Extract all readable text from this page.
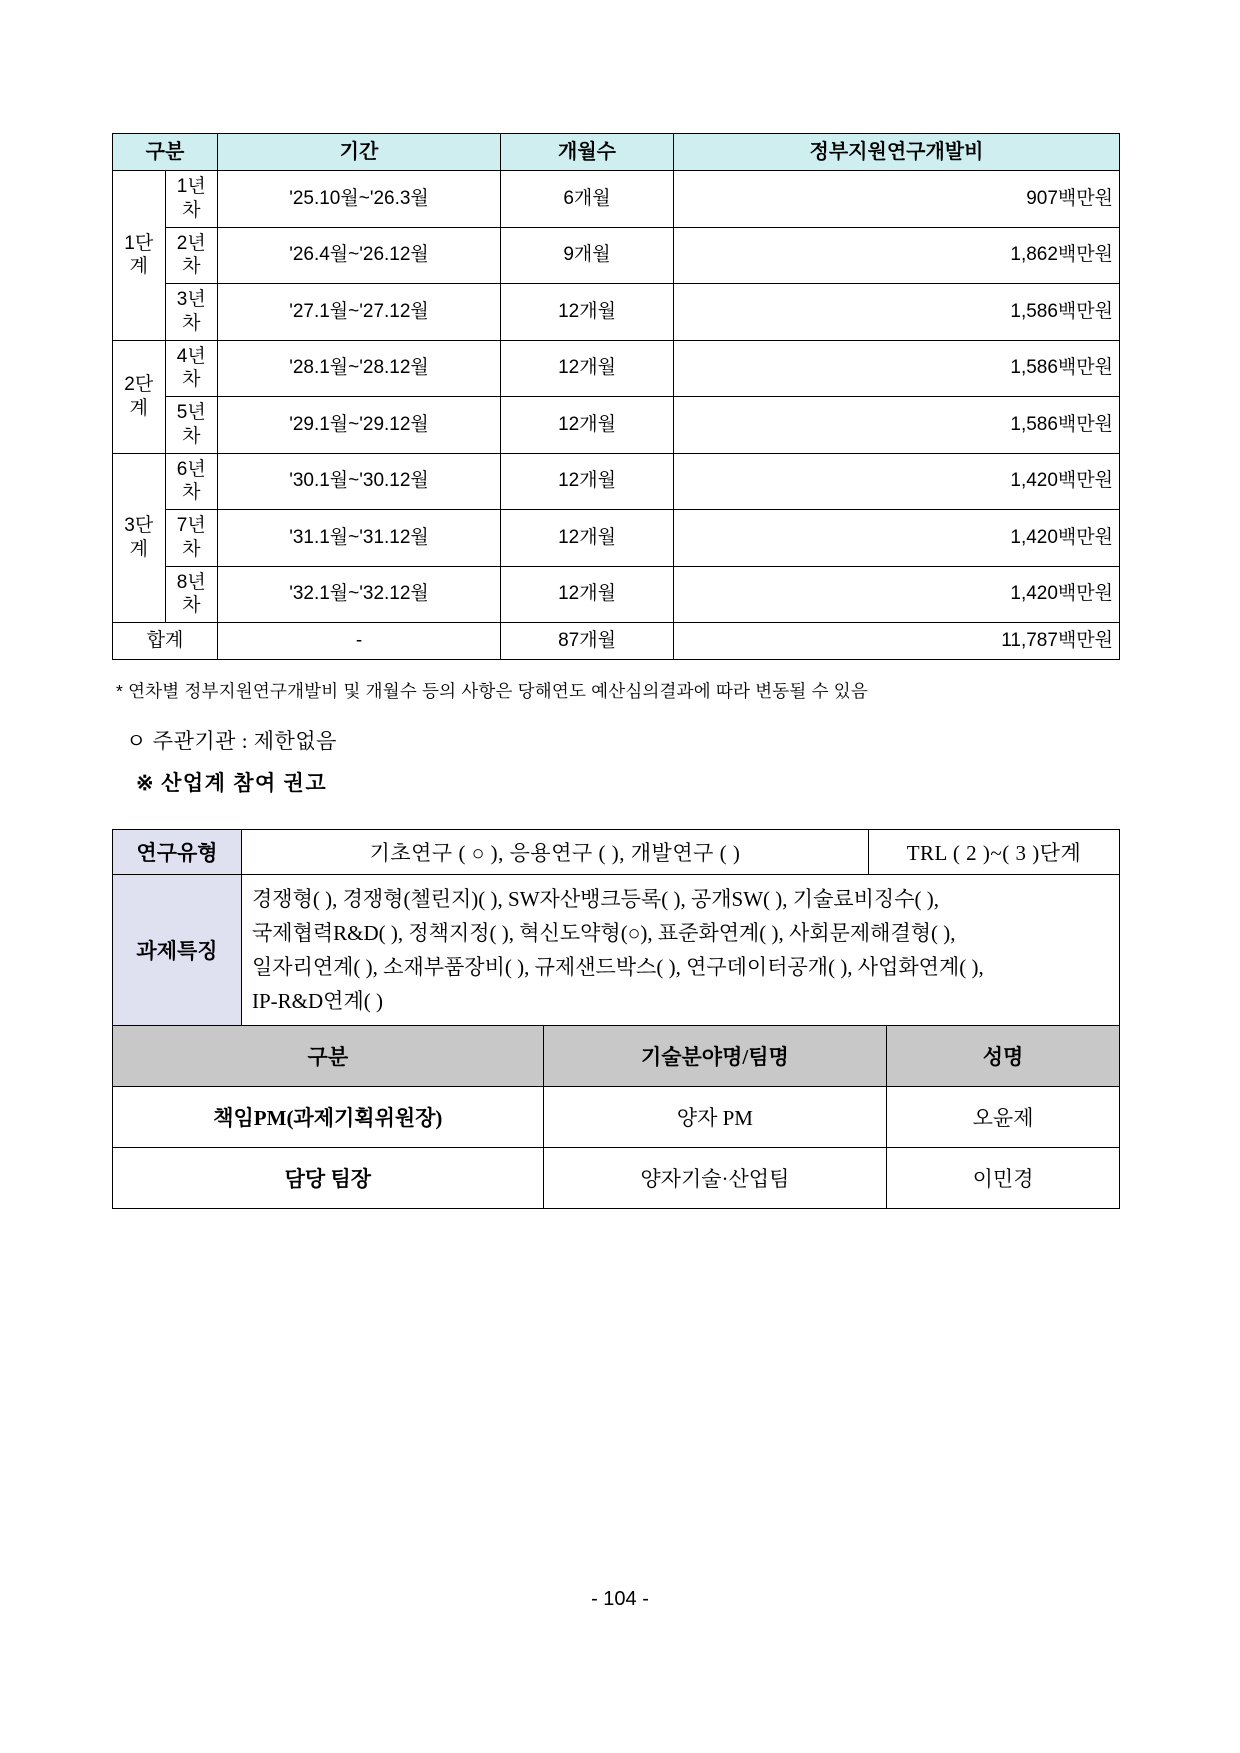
구분		기간	개월수	정부지원연구개발비
1단계	1년차	'25.10월~'26.3월	6개월	907백만원
	2년차	'26.4월~'26.12월	9개월	1,862백만원
	3년차	'27.1월~'27.12월	12개월	1,586백만원
2단계	4년차	'28.1월~'28.12월	12개월	1,586백만원
	5년차	'29.1월~'29.12월	12개월	1,586백만원
3단계	6년차	'30.1월~'30.12월	12개월	1,420백만원
	7년차	'31.1월~'31.12월	12개월	1,420백만원
	8년차	'32.1월~'32.12월	12개월	1,420백만원
합계		-	87개월	11,787백만원
* 연차별 정부지원연구개발비 및 개월수 등의 사항은 당해연도 예산심의결과에 따라 변동될 수 있음
ㅇ 주관기관 : 제한없음
※ 산업계 참여 권고
연구유형	기초연구 ( ○ ), 응용연구 ( ), 개발연구 ( )	TRL ( 2 )~( 3 )단계
과제특징	경쟁형( ), 경쟁형(첼린지)( ), SW자산뱅크등록( ), 공개SW( ), 기술료비징수( ),
국제협력R&D( ), 정책지정( ), 혁신도약형(○), 표준화연계( ), 사회문제해결형( ),
일자리연계( ), 소재부품장비( ), 규제샌드박스( ), 연구데이터공개( ), 사업화연계( ),
IP-R&D연계( )	
구분	기술분야명/팀명	성명
책임PM(과제기획위원장)	양자 PM	오윤제
담당 팀장	양자기술·산업팀	이민경
- 104 -
